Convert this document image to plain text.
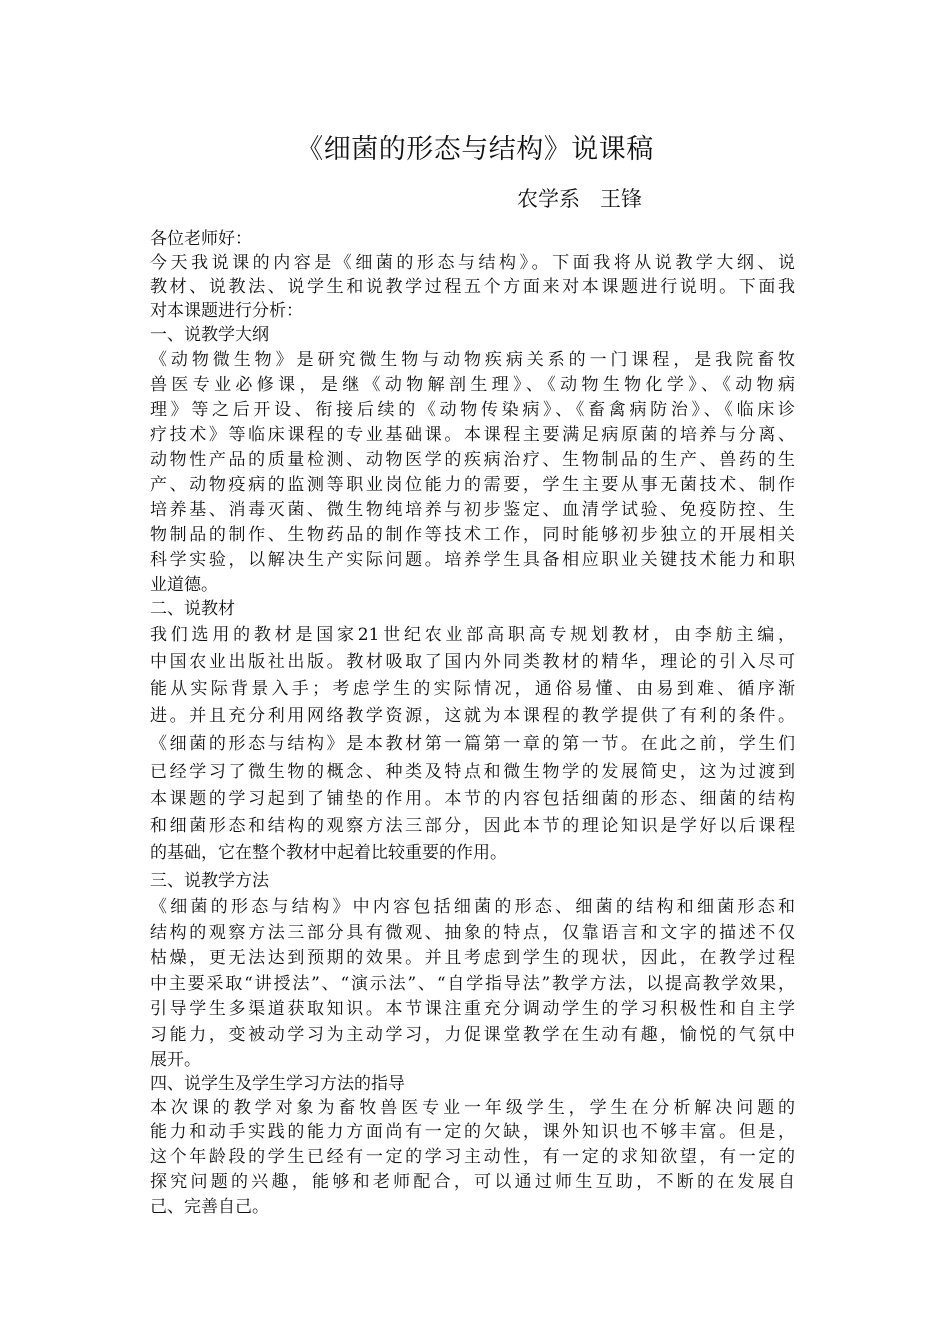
《细菌的形态与结构》说课稿
农学系   王锋
各位老师好：
今天我说课的内容是《细菌的形态与结构》。下面我将从说教学大纲、说
教材、说教法、说学生和说教学过程五个方面来对本课题进行说明。下面我
对本课题进行分析：
一、说教学大纲
《动物微生物》是研究微生物与动物疾病关系的一门课程，是我院畜牧
兽医专业必修课，是继《动物解剖生理》、《动物生物化学》、《动物病
理》等之后开设、衔接后续的《动物传染病》、《畜禽病防治》、《临床诊
疗技术》等临床课程的专业基础课。本课程主要满足病原菌的培养与分离、
动物性产品的质量检测、动物医学的疾病治疗、生物制品的生产、兽药的生
产、动物疫病的监测等职业岗位能力的需要，学生主要从事无菌技术、制作
培养基、消毒灭菌、微生物纯培养与初步鉴定、血清学试验、免疫防控、生
物制品的制作、生物药品的制作等技术工作，同时能够初步独立的开展相关
科学实验，以解决生产实际问题。培养学生具备相应职业关键技术能力和职
业道德。
二、说教材
我们选用的教材是国家21世纪农业部高职高专规划教材，由李舫主编，
中国农业出版社出版。教材吸取了国内外同类教材的精华，理论的引入尽可
能从实际背景入手；考虑学生的实际情况，通俗易懂、由易到难、循序渐
进。并且充分利用网络教学资源，这就为本课程的教学提供了有利的条件。
《细菌的形态与结构》是本教材第一篇第一章的第一节。在此之前，学生们
已经学习了微生物的概念、种类及特点和微生物学的发展简史，这为过渡到
本课题的学习起到了铺垫的作用。本节的内容包括细菌的形态、细菌的结构
和细菌形态和结构的观察方法三部分，因此本节的理论知识是学好以后课程
的基础，它在整个教材中起着比较重要的作用。
三、说教学方法
《细菌的形态与结构》中内容包括细菌的形态、细菌的结构和细菌形态和
结构的观察方法三部分具有微观、抽象的特点，仅靠语言和文字的描述不仅
枯燥，更无法达到预期的效果。并且考虑到学生的现状，因此，在教学过程
中主要采取“讲授法”、“演示法”、“自学指导法”教学方法，以提高教学效果，
引导学生多渠道获取知识。本节课注重充分调动学生的学习积极性和自主学
习能力，变被动学习为主动学习，力促课堂教学在生动有趣，愉悦的气氛中
展开。
四、说学生及学生学习方法的指导
本次课的教学对象为畜牧兽医专业一年级学生，学生在分析解决问题的
能力和动手实践的能力方面尚有一定的欠缺，课外知识也不够丰富。但是，
这个年龄段的学生已经有一定的学习主动性，有一定的求知欲望，有一定的
探究问题的兴趣，能够和老师配合，可以通过师生互助，不断的在发展自
己、完善自己。
